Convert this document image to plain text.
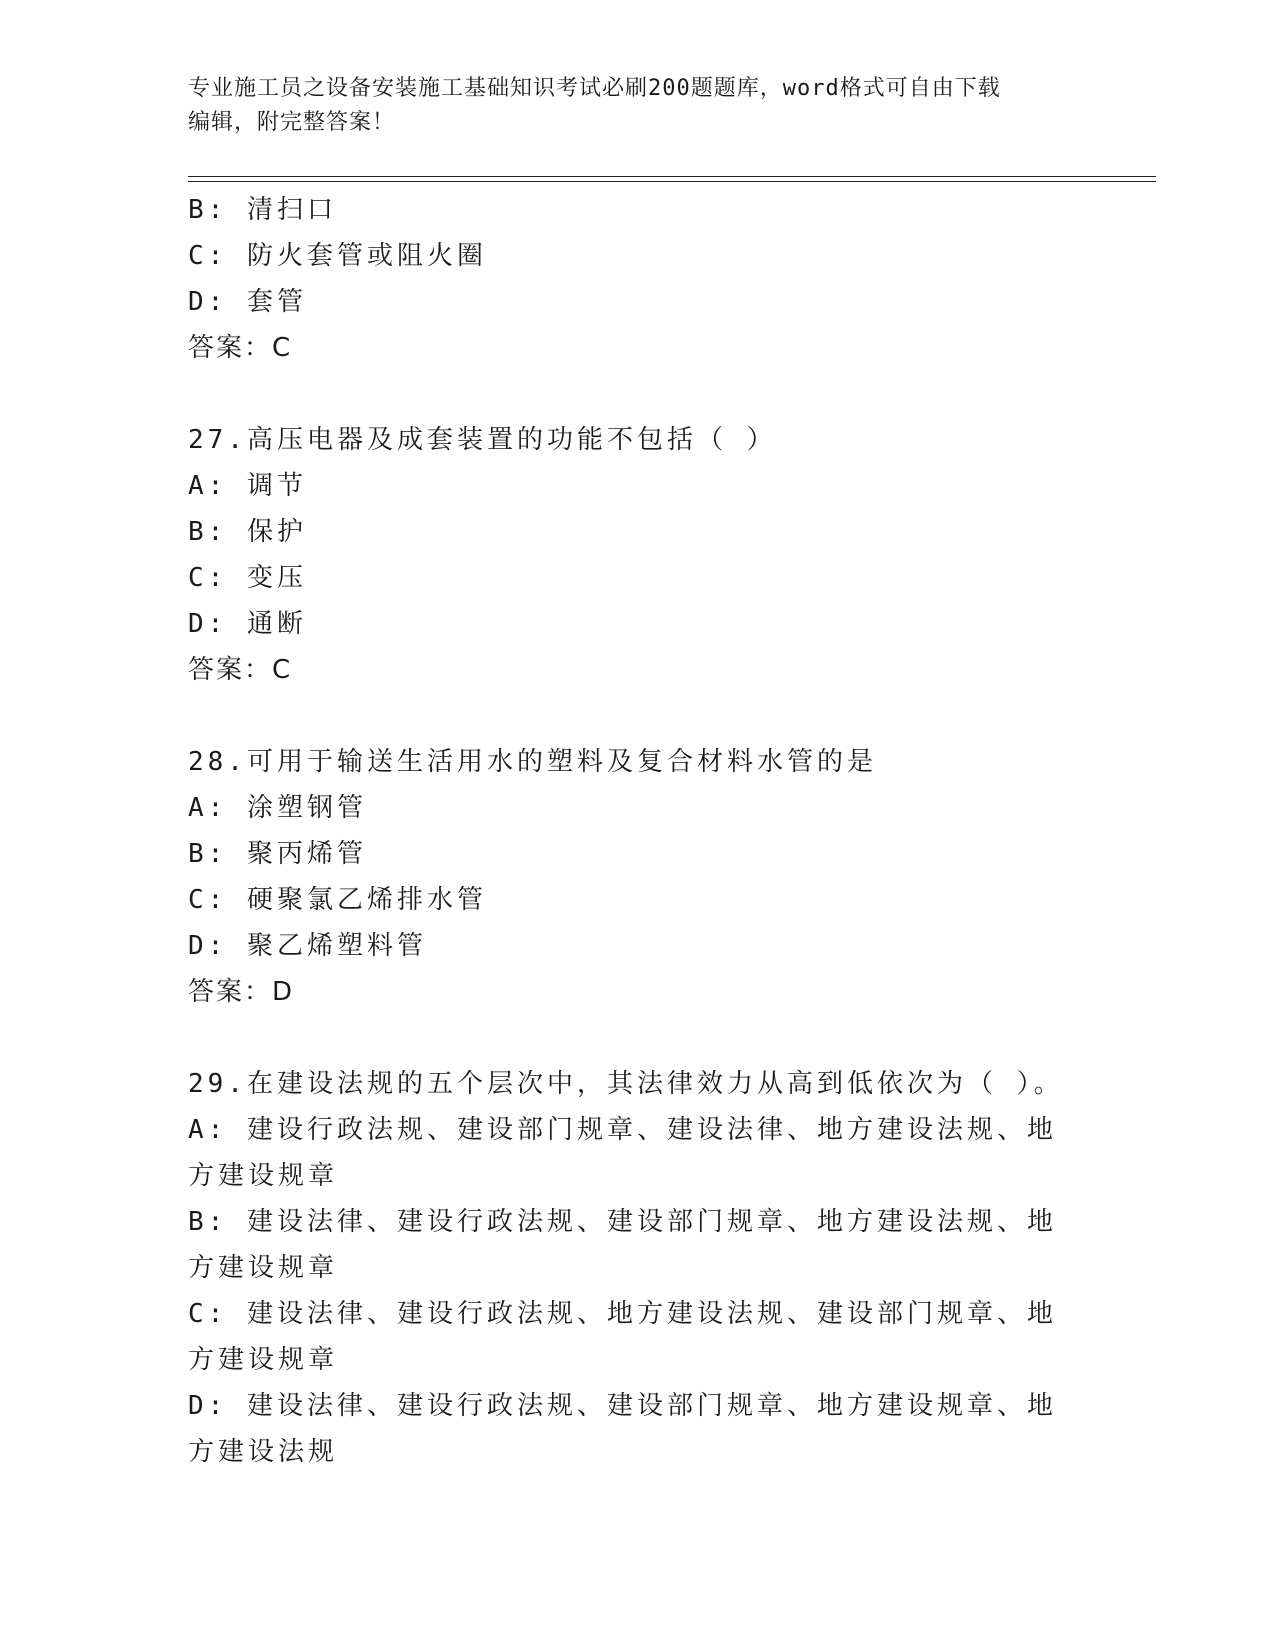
专业施工员之设备安装施工基础知识考试必刷200题题库，word格式可自由下载
编辑，附完整答案！
B: 清扫口
C: 防火套管或阻火圈
D: 套管
答案：C
27.高压电器及成套装置的功能不包括（ ）
A: 调节
B: 保护
C: 变压
D: 通断
答案：C
28.可用于输送生活用水的塑料及复合材料水管的是
A: 涂塑钢管
B: 聚丙烯管
C: 硬聚氯乙烯排水管
D: 聚乙烯塑料管
答案：D
29.在建设法规的五个层次中，其法律效力从高到低依次为（ ）。
A: 建设行政法规、建设部门规章、建设法律、地方建设法规、地方建设规章
B: 建设法律、建设行政法规、建设部门规章、地方建设法规、地方建设规章
C: 建设法律、建设行政法规、地方建设法规、建设部门规章、地方建设规章
D: 建设法律、建设行政法规、建设部门规章、地方建设规章、地方建设法规
